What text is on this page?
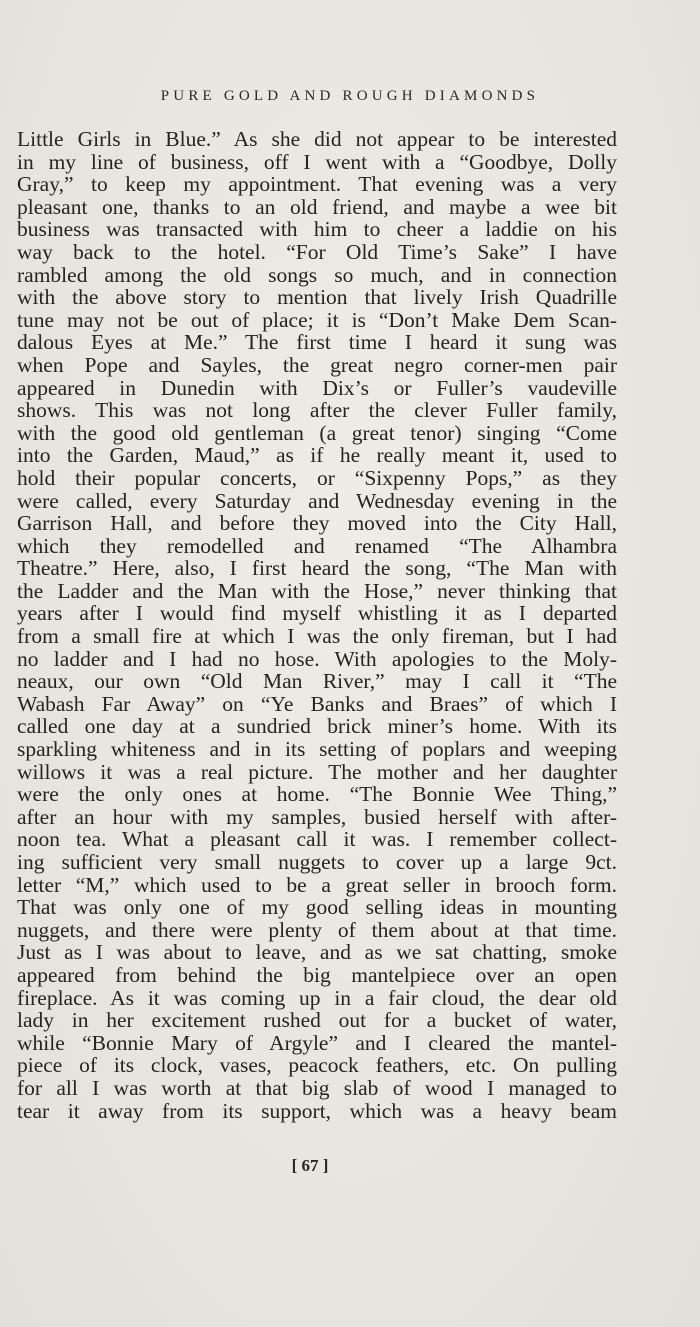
PURE GOLD AND ROUGH DIAMONDS
Little Girls in Blue.” As she did not appear to be interested
in my line of business, off I went with a “Goodbye, Dolly
Gray,” to keep my appointment. That evening was a very
pleasant one, thanks to an old friend, and maybe a wee bit
business was transacted with him to cheer a laddie on his
way back to the hotel. “For Old Time’s Sake” I have
rambled among the old songs so much, and in connection
with the above story to mention that lively Irish Quadrille
tune may not be out of place; it is “Don’t Make Dem Scan-
dalous Eyes at Me.” The first time I heard it sung was
when Pope and Sayles, the great negro corner-men pair
appeared in Dunedin with Dix’s or Fuller’s vaudeville
shows. This was not long after the clever Fuller family,
with the good old gentleman (a great tenor) singing “Come
into the Garden, Maud,” as if he really meant it, used to
hold their popular concerts, or “Sixpenny Pops,” as they
were called, every Saturday and Wednesday evening in the
Garrison Hall, and before they moved into the City Hall,
which they remodelled and renamed “The Alhambra
Theatre.” Here, also, I first heard the song, “The Man with
the Ladder and the Man with the Hose,” never thinking that
years after I would find myself whistling it as I departed
from a small fire at which I was the only fireman, but I had
no ladder and I had no hose. With apologies to the Moly-
neaux, our own “Old Man River,” may I call it “The
Wabash Far Away” on “Ye Banks and Braes” of which I
called one day at a sundried brick miner’s home. With its
sparkling whiteness and in its setting of poplars and weeping
willows it was a real picture. The mother and her daughter
were the only ones at home. “The Bonnie Wee Thing,”
after an hour with my samples, busied herself with after-
noon tea. What a pleasant call it was. I remember collect-
ing sufficient very small nuggets to cover up a large 9ct.
letter “M,” which used to be a great seller in brooch form.
That was only one of my good selling ideas in mounting
nuggets, and there were plenty of them about at that time.
Just as I was about to leave, and as we sat chatting, smoke
appeared from behind the big mantelpiece over an open
fireplace. As it was coming up in a fair cloud, the dear old
lady in her excitement rushed out for a bucket of water,
while “Bonnie Mary of Argyle” and I cleared the mantel-
piece of its clock, vases, peacock feathers, etc. On pulling
for all I was worth at that big slab of wood I managed to
tear it away from its support, which was a heavy beam
[ 67 ]
